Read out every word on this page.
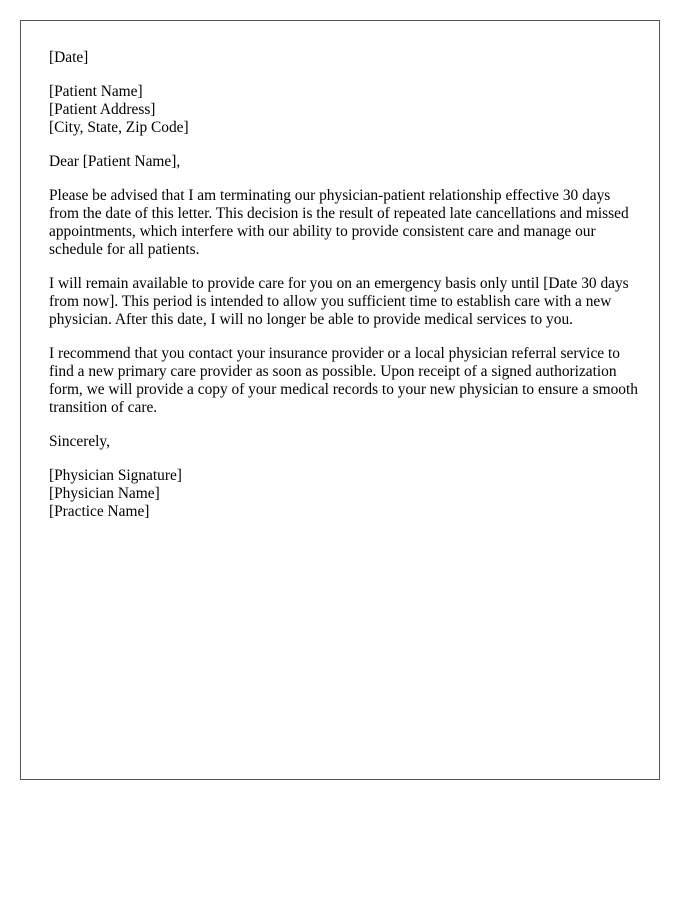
[Date]

[Patient Name]
[Patient Address]
[City, State, Zip Code]

Dear [Patient Name],

Please be advised that I am terminating our physician-patient relationship effective 30 days from the date of this letter. This decision is the result of repeated late cancellations and missed appointments, which interfere with our ability to provide consistent care and manage our schedule for all patients.

I will remain available to provide care for you on an emergency basis only until [Date 30 days from now]. This period is intended to allow you sufficient time to establish care with a new physician. After this date, I will no longer be able to provide medical services to you.

I recommend that you contact your insurance provider or a local physician referral service to find a new primary care provider as soon as possible. Upon receipt of a signed authorization form, we will provide a copy of your medical records to your new physician to ensure a smooth transition of care.

Sincerely,

[Physician Signature]
[Physician Name]
[Practice Name]
